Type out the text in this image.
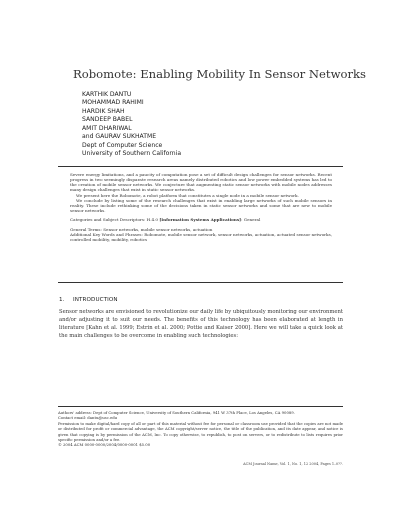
Robomote: Enabling Mobility In Sensor Networks
KARTHIK DANTU
MOHAMMAD RAHIMI
HARDIK SHAH
SANDEEP BABEL
AMIT DHARIWAL
and GAURAV SUKHATME
Dept of Computer Science
University of Southern California

Severe energy limitations, and a paucity of computation pose a set of difficult design challenges for sensor networks. Recent progress in two seemingly disparate research areas namely distributed robotics and low power embedded systems has led to the creation of mobile sensor networks. We conjecture that augmenting static sensor networks with mobile nodes addresses many design challenges that exist in static sensor networks.

We present here the Robomote, a robot platform that constitutes a single node in a mobile sensor network.

We conclude by listing some of the research challenges that exist in enabling large networks of such mobile sensors in reality. These include rethinking some of the decisions taken in static sensor networks and some that are new to mobile sensor networks.

Categories and Subject Descriptors: H.4.0 [Information Systems Applications]: General

General Terms: Sensor networks, mobile sensor networks, actuation

Additional Key Words and Phrases: Robomote, mobile sensor network, sensor networks, actuation, actuated sensor networks, controlled mobility, mobility, robotics

1. INTRODUCTION

Sensor networks are envisioned to revolutionize our daily life by ubiquitously monitoring our environment and/or adjusting it to suit our needs. The benefits of this technology has been elaborated at length in literature [Kahn et al. 1999; Estrin et al. 2000; Pottie and Kaiser 2000]. Here we will take a quick look at the main challenges to be overcome in enabling such technologies:

Authors' address: Dept of Computer Science, University of Southern California, 941 W 37th Place, Los Angeles, CA 90089.

Contact email: dantu@usc.edu

Permission to make digital/hard copy of all or part of this material without fee for personal or classroom use provided that the copies are not made or distributed for profit or commercial advantage, the ACM copyright/server notice, the title of the publication, and its date appear, and notice is given that copying is by permission of the ACM, Inc. To copy otherwise, to republish, to post on servers, or to redistribute to lists requires prior specific permission and/or a fee.

© 2004 ACM 0000-0000/2004/0000-0001 $5.00

ACM Journal Name, Vol. 1, No. 1, 12 2004, Pages 1–0??.
